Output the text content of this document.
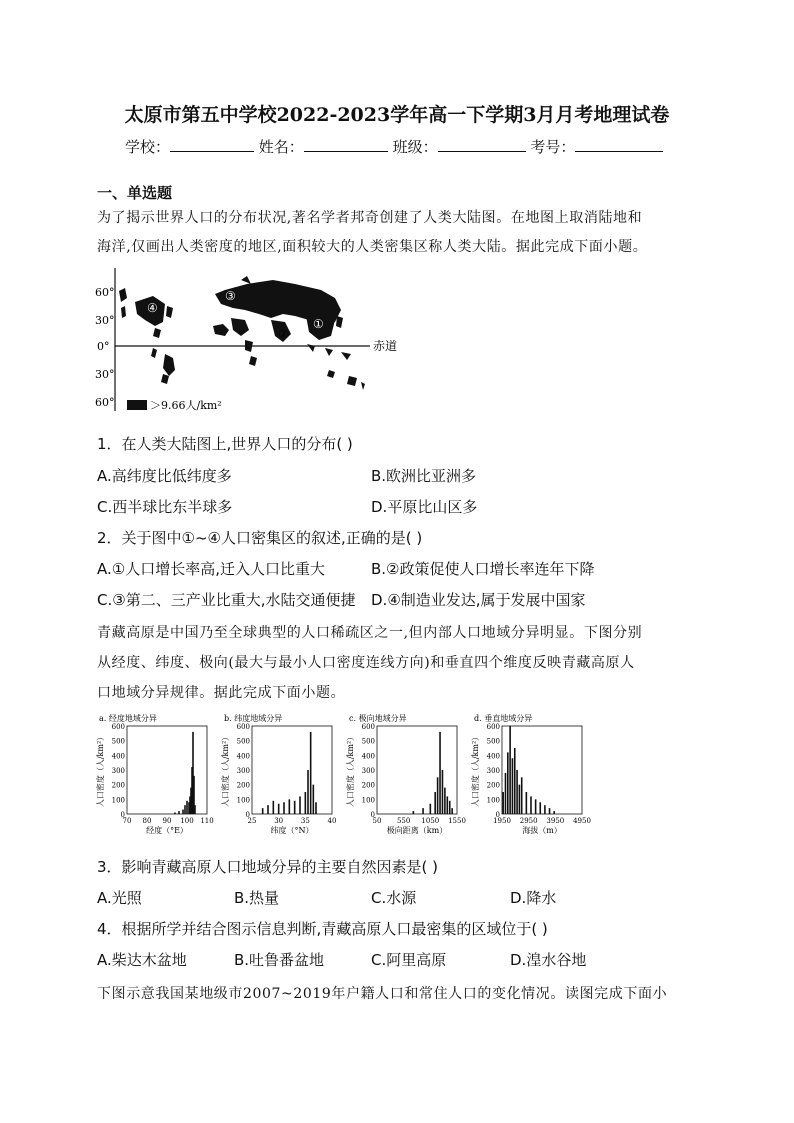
太原市第五中学校2022-2023学年高一下学期3月月考地理试卷
学校：	姓名：	班级：	考号：
一、单选题
为了揭示世界人口的分布状况,著名学者邦奇创建了人类大陆图。在地图上取消陆地和
海洋,仅画出人类密度的地区,面积较大的人类密集区称人类大陆。据此完成下面小题。
60°
30°
0°
30°
60°
赤道
④
③
②
①
＞9.66人/km²
1．在人类大陆图上,世界人口的分布( )
A.高纬度比低纬度多	B.欧洲比亚洲多
C.西半球比东半球多	D.平原比山区多
2．关于图中①~④人口密集区的叙述,正确的是( )
A.①人口增长率高,迁入人口比重大	B.②政策促使人口增长率连年下降
C.③第二、三产业比重大,水陆交通便捷 D.④制造业发达,属于发展中国家
青藏高原是中国乃至全球典型的人口稀疏区之一,但内部人口地域分异明显。下图分别
从经度、纬度、极向(最大与最小人口密度连线方向)和垂直四个维度反映青藏高原人
口地域分异规律。据此完成下面小题。
a. 经度地域分异
人口密度（人/km²）
600
500
400
300
200
100
0
70 80 90 100 110
经度（°E）
b. 纬度地域分异
人口密度（人/km²）
600
500
400
300
200
100
0
25	30	35	40
纬度（°N）
c. 极向地域分异
人口密度（人/km²）
600
500
400
300
200
100
0
50 550 1050 1550
极向距离（km）
d. 垂直地域分异
人口密度（人/km²）
600
500
400
300
200
100
0
1950 2950 3950 4950
海拔（m）
3．影响青藏高原人口地域分异的主要自然因素是( )
A.光照	B.热量	C.水源	D.降水
4．根据所学并结合图示信息判断,青藏高原人口最密集的区域位于( )
A.柴达木盆地	B.吐鲁番盆地	C.阿里高原	D.湟水谷地
下图示意我国某地级市2007~2019年户籍人口和常住人口的变化情况。读图完成下面小
